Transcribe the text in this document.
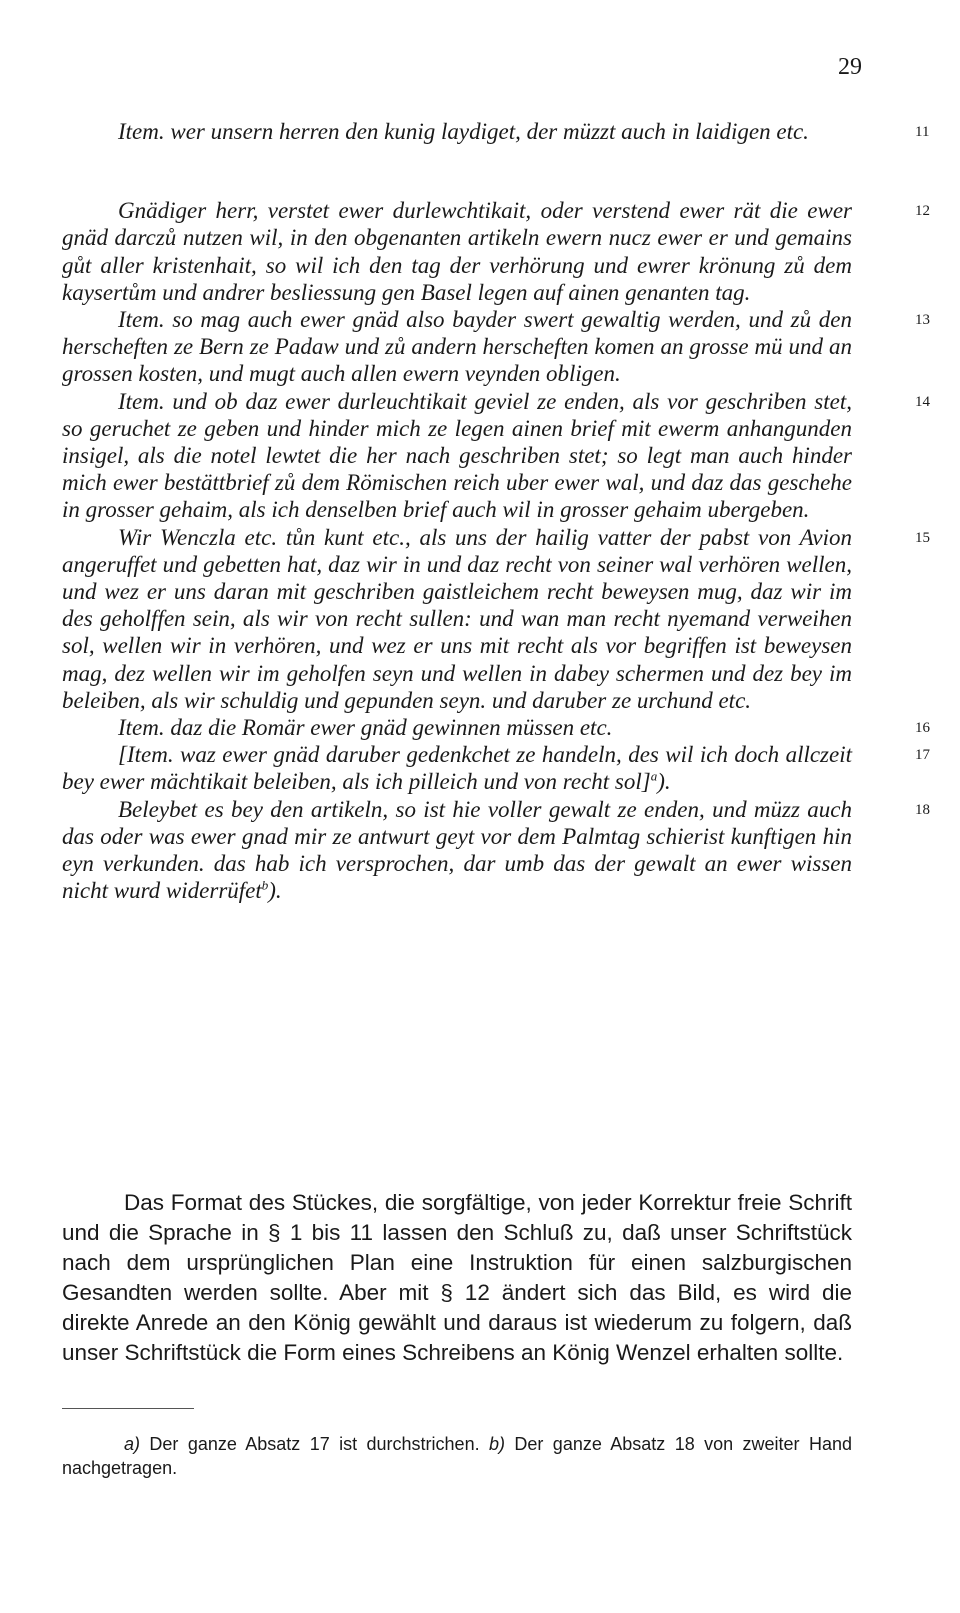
29

Item. wer unsern herren den kunig laydiget, der müzzt auch in laidigen etc.	11

Gnädiger herr, verstet ewer durlewchtikait, oder verstend ewer rät die ewer gnäd darczů nutzen wil, in den obgenanten artikeln ewern nucz ewer er und gemains gůt aller kristenhait, so wil ich den tag der verhörung und ewrer krönung zů dem kaysertům und andrer besliessung gen Basel legen auf ainen genanten tag.
12

Item. so mag auch ewer gnäd also bayder swert gewaltig werden, und zů den herscheften ze Bern ze Padaw und zů andern herscheften komen an grosse mü und an grossen kosten, und mugt auch allen ewern veynden obligen.
13

Item. und ob daz ewer durleuchtikait geviel ze enden, als vor geschriben stet, so geruchet ze geben und hinder mich ze legen ainen brief mit ewerm anhangunden insigel, als die notel lewtet die her nach geschriben stet; so legt man auch hinder mich ewer bestättbrief zů dem Römischen reich uber ewer wal, und daz das geschehe in grosser gehaim, als ich denselben brief auch wil in grosser gehaim ubergeben.
14

Wir Wenczla etc. tůn kunt etc., als uns der hailig vatter der pabst von Avion angeruffet und gebetten hat, daz wir in und daz recht von seiner wal verhören wellen, und wez er uns daran mit geschriben gaistleichem recht beweysen mug, daz wir im des geholffen sein, als wir von recht sullen: und wan man recht nyemand verweihen sol, wellen wir in verhören, und wez er uns mit recht als vor begriffen ist beweysen mag, dez wellen wir im geholfen seyn und wellen in dabey schermen und dez bey im beleiben, als wir schuldig und gepunden seyn. und daruber ze urchund etc.
15

Item. daz die Romär ewer gnäd gewinnen müssen etc.	16

[Item. waz ewer gnäd daruber gedenkchet ze handeln, des wil ich doch allczeit bey ewer mächtikait beleiben, als ich pilleich und von recht sol]$^a$).
17

Beleybet es bey den artikeln, so ist hie voller gewalt ze enden, und müzz auch das oder was ewer gnad mir ze antwurt geyt vor dem Palmtag schierist kunftigen hin eyn verkunden. das hab ich versprochen, dar umb das der gewalt an ewer wissen nicht wurd widerrüfet$^b$).
18

Das Format des Stückes, die sorgfältige, von jeder Korrektur freie Schrift und die Sprache in § 1 bis 11 lassen den Schluß zu, daß unser Schriftstück nach dem ursprünglichen Plan eine Instruktion für einen salzburgischen Gesandten werden sollte. Aber mit § 12 ändert sich das Bild, es wird die direkte Anrede an den König gewählt und daraus ist wiederum zu folgern, daß unser Schriftstück die Form eines Schreibens an König Wenzel erhalten sollte.

a) Der ganze Absatz 17 ist durchstrichen. b) Der ganze Absatz 18 von zweiter Hand nachgetragen.
